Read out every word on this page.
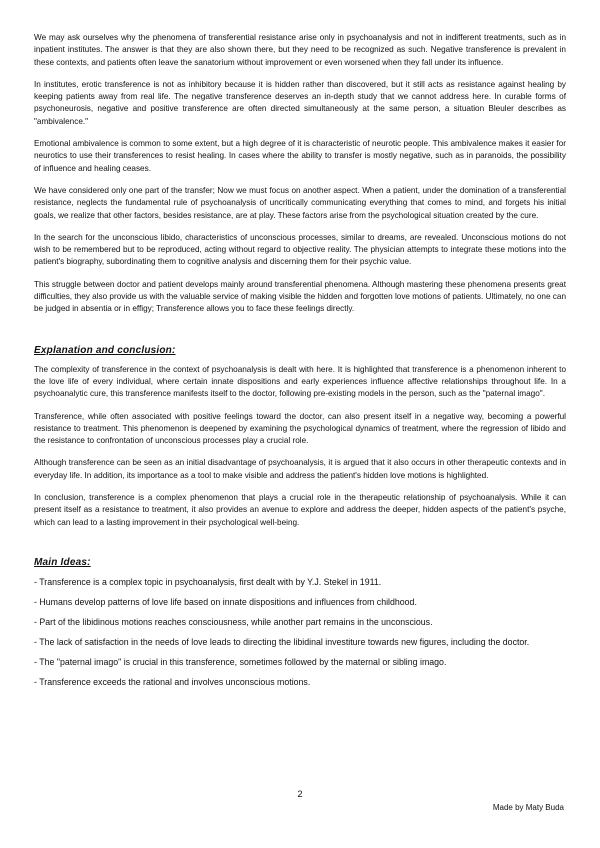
We may ask ourselves why the phenomena of transferential resistance arise only in psychoanalysis and not in indifferent treatments, such as in inpatient institutes. The answer is that they are also shown there, but they need to be recognized as such. Negative transference is prevalent in these contexts, and patients often leave the sanatorium without improvement or even worsened when they fall under its influence.

In institutes, erotic transference is not as inhibitory because it is hidden rather than discovered, but it still acts as resistance against healing by keeping patients away from real life. The negative transference deserves an in-depth study that we cannot address here. In curable forms of psychoneurosis, negative and positive transference are often directed simultaneously at the same person, a situation Bleuler describes as "ambivalence."

Emotional ambivalence is common to some extent, but a high degree of it is characteristic of neurotic people. This ambivalence makes it easier for neurotics to use their transferences to resist healing. In cases where the ability to transfer is mostly negative, such as in paranoids, the possibility of influence and healing ceases.

We have considered only one part of the transfer; Now we must focus on another aspect. When a patient, under the domination of a transferential resistance, neglects the fundamental rule of psychoanalysis of uncritically communicating everything that comes to mind, and forgets his initial goals, we realize that other factors, besides resistance, are at play. These factors arise from the psychological situation created by the cure.

In the search for the unconscious libido, characteristics of unconscious processes, similar to dreams, are revealed. Unconscious motions do not wish to be remembered but to be reproduced, acting without regard to objective reality. The physician attempts to integrate these motions into the patient's biography, subordinating them to cognitive analysis and discerning them for their psychic value.

This struggle between doctor and patient develops mainly around transferential phenomena. Although mastering these phenomena presents great difficulties, they also provide us with the valuable service of making visible the hidden and forgotten love motions of patients. Ultimately, no one can be judged in absentia or in effigy; Transference allows you to face these feelings directly.

Explanation and conclusion:

The complexity of transference in the context of psychoanalysis is dealt with here. It is highlighted that transference is a phenomenon inherent to the love life of every individual, where certain innate dispositions and early experiences influence affective relationships throughout life. In a psychoanalytic cure, this transference manifests itself to the doctor, following pre-existing models in the person, such as the "paternal imago".

Transference, while often associated with positive feelings toward the doctor, can also present itself in a negative way, becoming a powerful resistance to treatment. This phenomenon is deepened by examining the psychological dynamics of treatment, where the regression of libido and the resistance to confrontation of unconscious processes play a crucial role.

Although transference can be seen as an initial disadvantage of psychoanalysis, it is argued that it also occurs in other therapeutic contexts and in everyday life. In addition, its importance as a tool to make visible and address the patient's hidden love motions is highlighted.

In conclusion, transference is a complex phenomenon that plays a crucial role in the therapeutic relationship of psychoanalysis. While it can present itself as a resistance to treatment, it also provides an avenue to explore and address the deeper, hidden aspects of the patient's psyche, which can lead to a lasting improvement in their psychological well-being.

Main Ideas:
- Transference is a complex topic in psychoanalysis, first dealt with by Y.J. Stekel in 1911.
- Humans develop patterns of love life based on innate dispositions and influences from childhood.
- Part of the libidinous motions reaches consciousness, while another part remains in the unconscious.
- The lack of satisfaction in the needs of love leads to directing the libidinal investiture towards new figures, including the doctor.
- The "paternal imago" is crucial in this transference, sometimes followed by the maternal or sibling imago.
- Transference exceeds the rational and involves unconscious motions.
2
Made by Maty Buda
